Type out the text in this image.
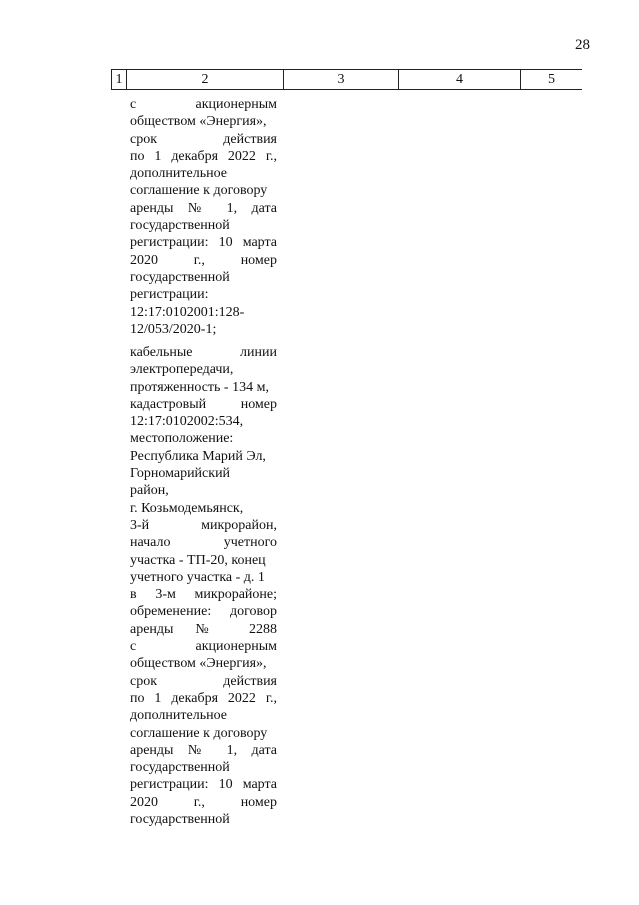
28
1	2	3	4	5
с акционерным
обществом «Энергия»,
срок действия
по 1 декабря 2022 г.,
дополнительное
соглашение к договору
аренды № 1, дата
государственной
регистрации: 10 марта
2020 г., номер
государственной
регистрации:
12:17:0102001:128-
12/053/2020-1;
кабельные линии
электропередачи,
протяженность - 134 м,
кадастровый номер
12:17:0102002:534,
местоположение:
Республика Марий Эл,
Горномарийский
район,
г. Козьмодемьянск,
3-й микрорайон,
начало учетного
участка - ТП-20, конец
учетного участка - д. 1
в 3-м микрорайоне;
обременение: договор
аренды № 2288
с акционерным
обществом «Энергия»,
срок действия
по 1 декабря 2022 г.,
дополнительное
соглашение к договору
аренды № 1, дата
государственной
регистрации: 10 марта
2020 г., номер
государственной
